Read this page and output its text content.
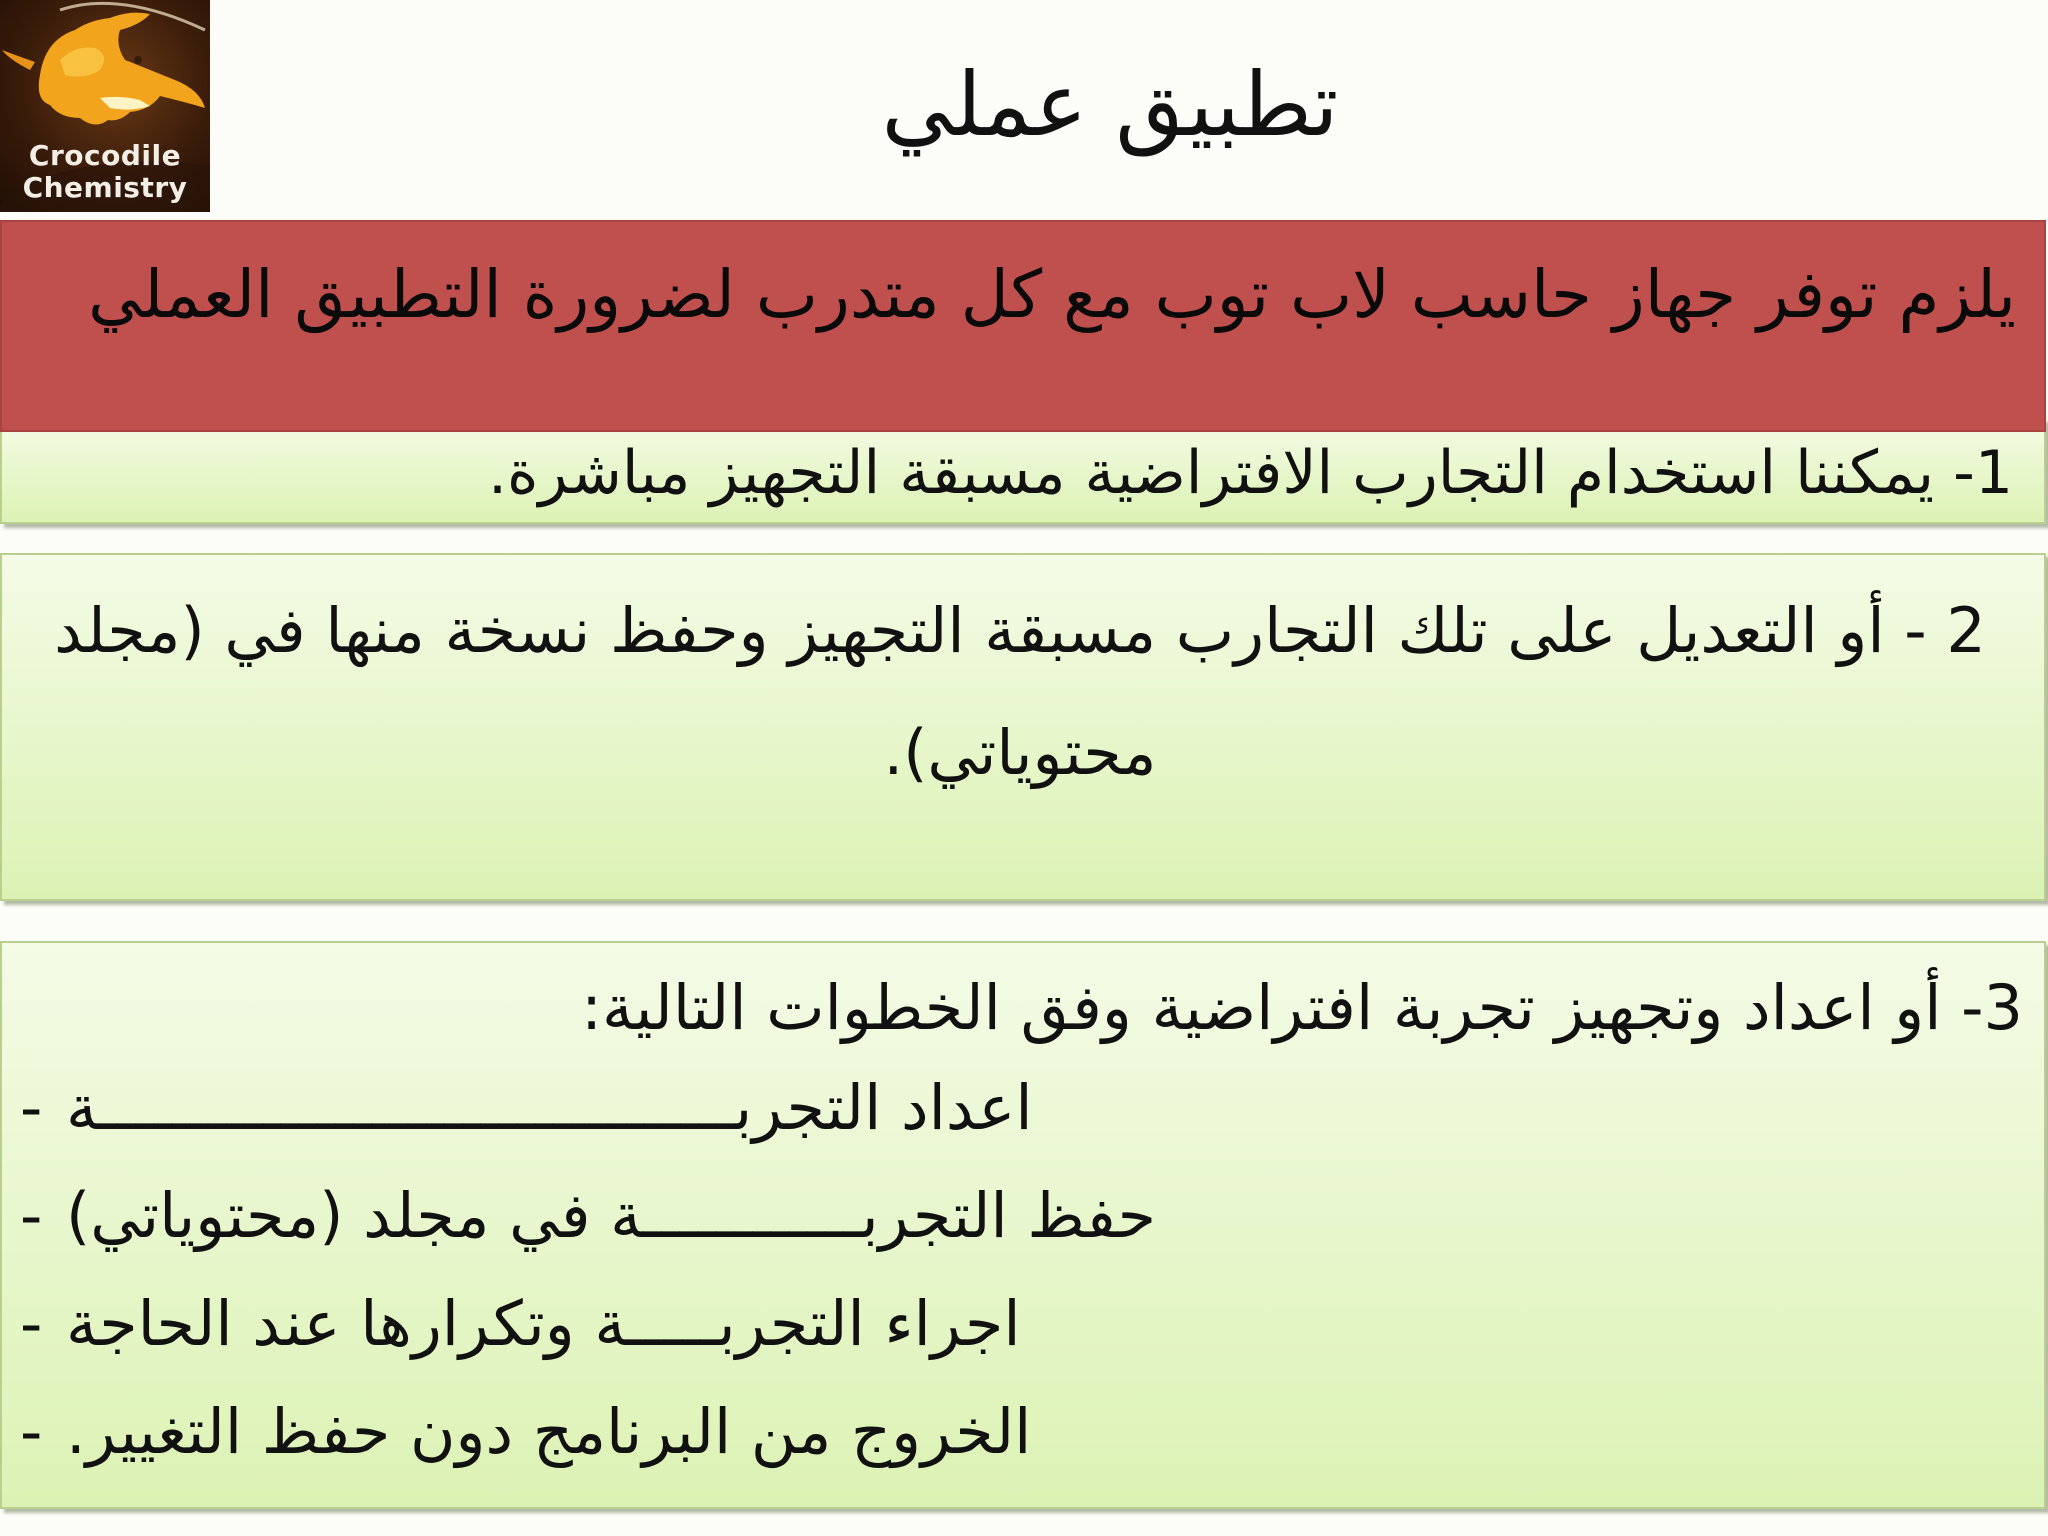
Crocodile
Chemistry
تطبيق عملي
1- يمكننا استخدام التجارب الافتراضية مسبقة التجهيز مباشرة.
يلزم توفر جهاز حاسب لاب توب مع كل متدرب لضرورة التطبيق العملي
2 - أو التعديل على تلك التجارب مسبقة التجهيز وحفظ نسخة منها في (مجلد محتوياتي).
3- أو اعداد وتجهيز تجربة افتراضية وفق الخطوات التالية:
- اعداد التجربـــــــــــــــــــــــــــــــــــة
- حفظ التجربــــــــــــة في مجلد (محتوياتي)
- اجراء التجربـــــة وتكرارها عند الحاجة
- الخروج من البرنامج دون حفظ التغيير.
